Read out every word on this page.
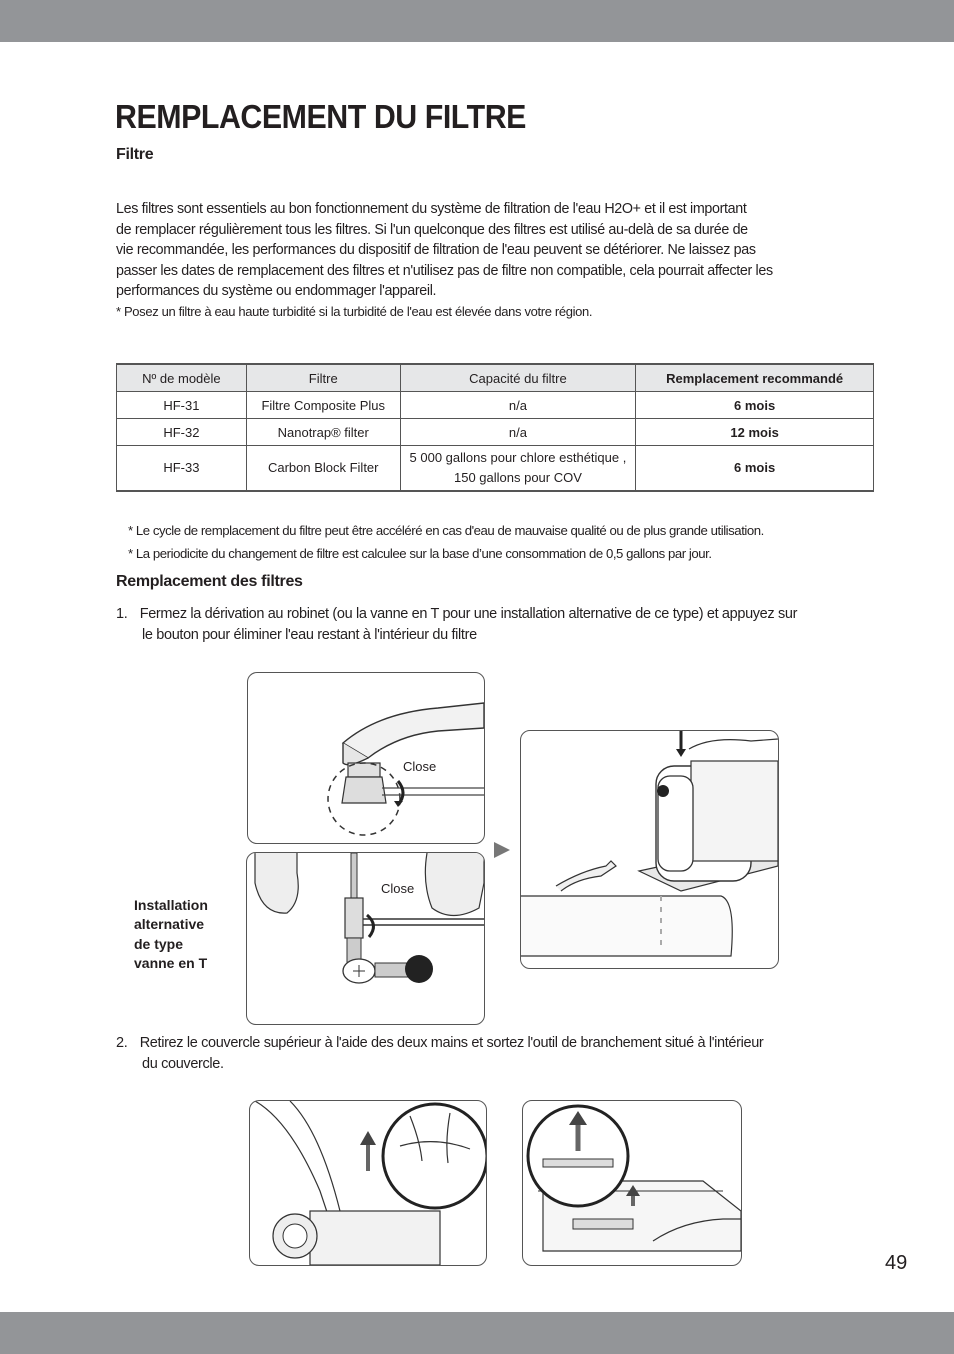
REMPLACEMENT DU FILTRE
Filtre

Les filtres sont essentiels au bon fonctionnement du système de filtration de l'eau H2O+ et il est important

de remplacer régulièrement tous les filtres. Si l'un quelconque des filtres est utilisé au-delà de sa durée de

vie recommandée, les performances du dispositif de filtration de l'eau peuvent se détériorer. Ne laissez pas

passer les dates de remplacement des filtres et n'utilisez pas de filtre non compatible, cela pourrait affecter les

performances du système ou endommager l'appareil.

* Posez un filtre à eau haute turbidité si la turbidité de l'eau est élevée dans votre région.

Nº de modèle	Filtre	Capacité du filtre	Remplacement recommandé
HF-31	Filtre Composite Plus	n/a	6 mois
HF-32	Nanotrap® filter	n/a	12 mois
HF-33	Carbon Block Filter	5 000 gallons pour chlore esthétique ,
150 gallons pour COV	6 mois
* Le cycle de remplacement du filtre peut être accéléré en cas d'eau de mauvaise qualité ou de plus grande utilisation.
* La periodicite du changement de filtre est calculee sur la base d’une consommation de 0,5 gallons par jour.
Remplacement des filtres
1. Fermez la dérivation au robinet (ou la vanne en T pour une installation alternative de ce type) et appuyez sur
le bouton pour éliminer l'eau restant à l'intérieur du filtre
Close
Close
Installation
alternative
de type
vanne en T
2. Retirez le couvercle supérieur à l'aide des deux mains et sortez l'outil de branchement situé à l'intérieur
du couvercle.
49
